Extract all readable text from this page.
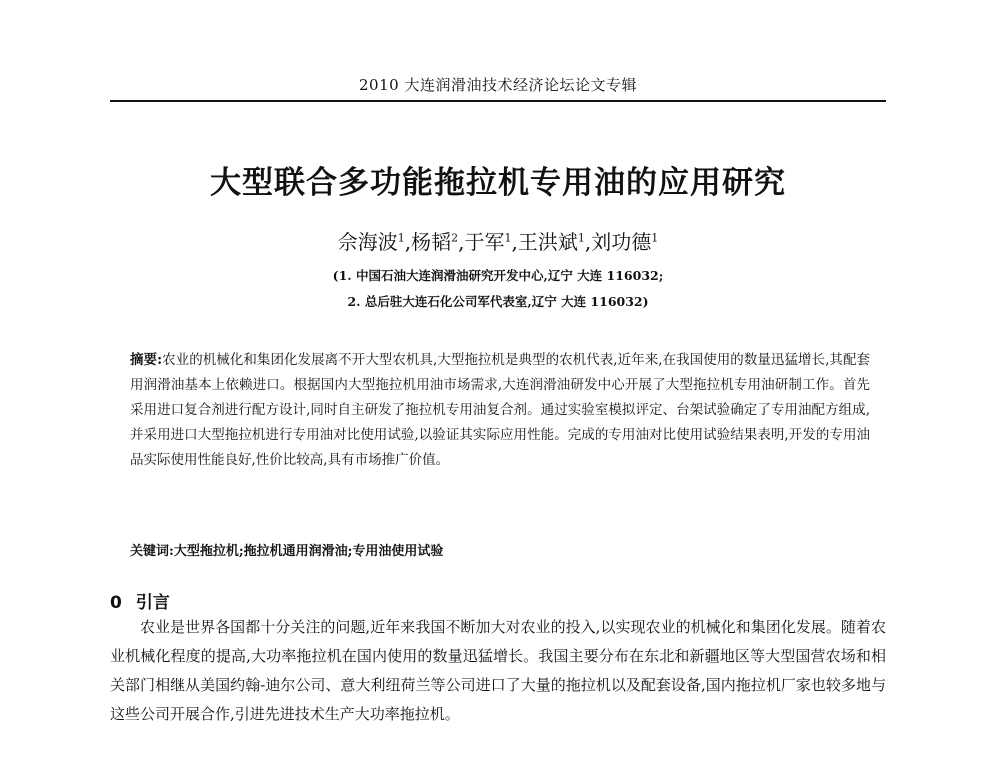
2010 大连润滑油技术经济论坛论文专辑
大型联合多功能拖拉机专用油的应用研究
佘海波$^1$,杨韬$^2$,于军$^1$,王洪斌$^1$,刘功德$^1$
(1. 中国石油大连润滑油研究开发中心,辽宁 大连 116032;
2. 总后驻大连石化公司军代表室,辽宁 大连 116032)

摘要:农业的机械化和集团化发展离不开大型农机具,大型拖拉机是典型的农机代表,近年来,在我国使用的数量迅猛增长,其配套用润滑油基本上依赖进口。根据国内大型拖拉机用油市场需求,大连润滑油研发中心开展了大型拖拉机专用油研制工作。首先采用进口复合剂进行配方设计,同时自主研发了拖拉机专用油复合剂。通过实验室模拟评定、台架试验确定了专用油配方组成,并采用进口大型拖拉机进行专用油对比使用试验,以验证其实际应用性能。完成的专用油对比使用试验结果表明,开发的专用油品实际使用性能良好,性价比较高,具有市场推广价值。

关键词:大型拖拉机;拖拉机通用润滑油;专用油使用试验
0 引言

农业是世界各国都十分关注的问题,近年来我国不断加大对农业的投入,以实现农业的机械化和集团化发展。随着农业机械化程度的提高,大功率拖拉机在国内使用的数量迅猛增长。我国主要分布在东北和新疆地区等大型国营农场和相关部门相继从美国约翰-迪尔公司、意大利纽荷兰等公司进口了大量的拖拉机以及配套设备,国内拖拉机厂家也较多地与这些公司开展合作,引进先进技术生产大功率拖拉机。
